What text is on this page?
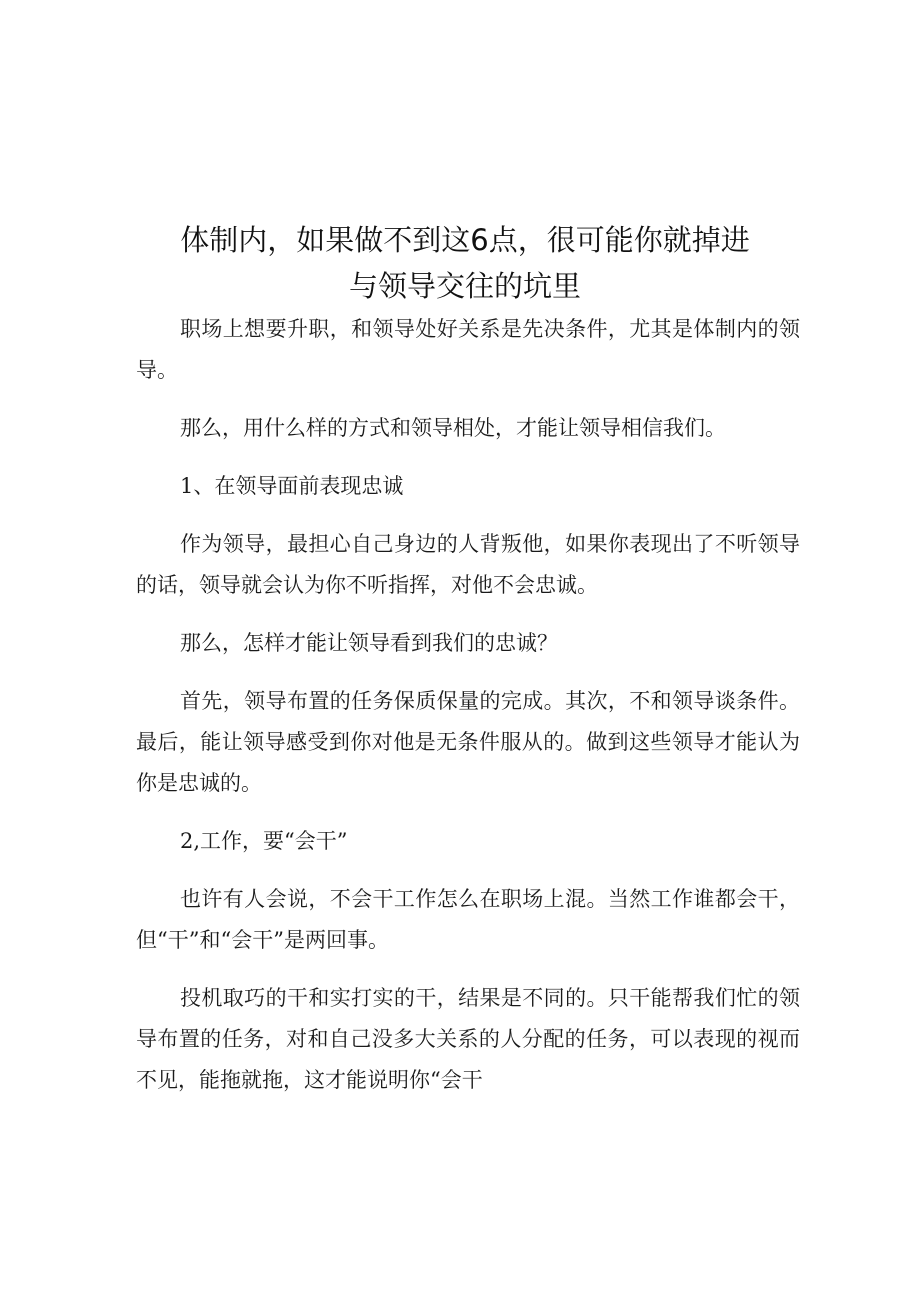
体制内，如果做不到这6点，很可能你就掉进
与领导交往的坑里

职场上想要升职，和领导处好关系是先决条件，尤其是体制内的领导。

那么，用什么样的方式和领导相处，才能让领导相信我们。

1、在领导面前表现忠诚

作为领导，最担心自己身边的人背叛他，如果你表现出了不听领导的话，领导就会认为你不听指挥，对他不会忠诚。

那么，怎样才能让领导看到我们的忠诚？

首先，领导布置的任务保质保量的完成。其次，不和领导谈条件。最后，能让领导感受到你对他是无条件服从的。做到这些领导才能认为你是忠诚的。

2,工作，要“会干”

也许有人会说，不会干工作怎么在职场上混。当然工作谁都会干，但“干”和“会干”是两回事。

投机取巧的干和实打实的干，结果是不同的。只干能帮我们忙的领导布置的任务，对和自己没多大关系的人分配的任务，可以表现的视而不见，能拖就拖，这才能说明你“会干
